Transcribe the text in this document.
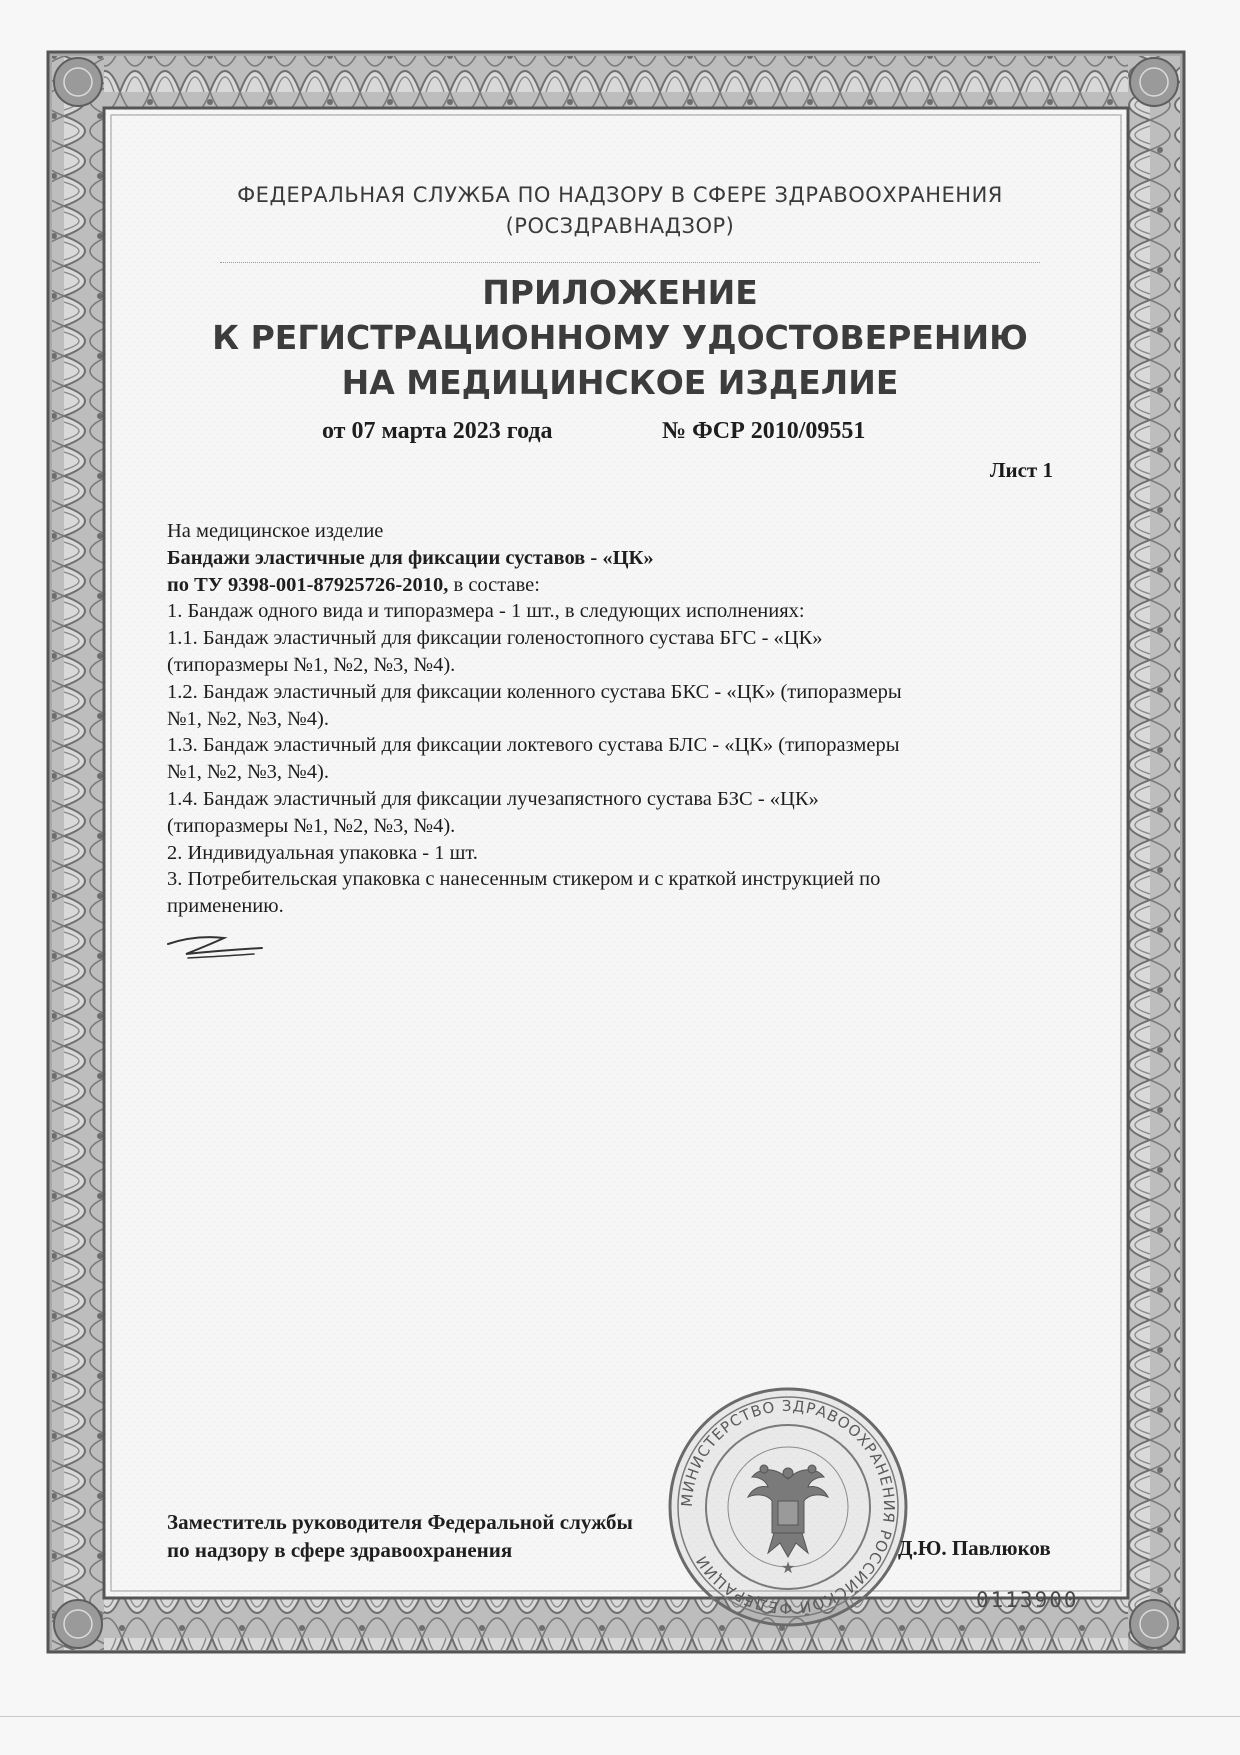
ФЕДЕРАЛЬНАЯ СЛУЖБА ПО НАДЗОРУ В СФЕРЕ ЗДРАВООХРАНЕНИЯ
(РОСЗДРАВНАДЗОР)
ПРИЛОЖЕНИЕ
К РЕГИСТРАЦИОННОМУ УДОСТОВЕРЕНИЮ
НА МЕДИЦИНСКОЕ ИЗДЕЛИЕ
от 07 марта 2023 года	№ ФСР 2010/09551
Лист 1
На медицинское изделие
Бандажи эластичные для фиксации суставов - «ЦК»
по ТУ 9398-001-87925726-2010, в составе:
1. Бандаж одного вида и типоразмера - 1 шт., в следующих исполнениях:
1.1. Бандаж эластичный для фиксации голеностопного сустава БГС - «ЦК»
(типоразмеры №1, №2, №3, №4).
1.2. Бандаж эластичный для фиксации коленного сустава БКС - «ЦК» (типоразмеры
№1, №2, №3, №4).
1.3. Бандаж эластичный для фиксации локтевого сустава БЛС - «ЦК» (типоразмеры
№1, №2, №3, №4).
1.4. Бандаж эластичный для фиксации лучезапястного сустава БЗС - «ЦК»
(типоразмеры №1, №2, №3, №4).
2. Индивидуальная упаковка - 1 шт.
3. Потребительская упаковка с нанесенным стикером и с краткой инструкцией по
применению.
Заместитель руководителя Федеральной службы
по надзору в сфере здравоохранения
МИНИСТЕРСТВО ЗДРАВООХРАНЕНИЯ РОССИЙСКОЙ ФЕДЕРАЦИИ	★
Д.Ю. Павлюков
0113900
